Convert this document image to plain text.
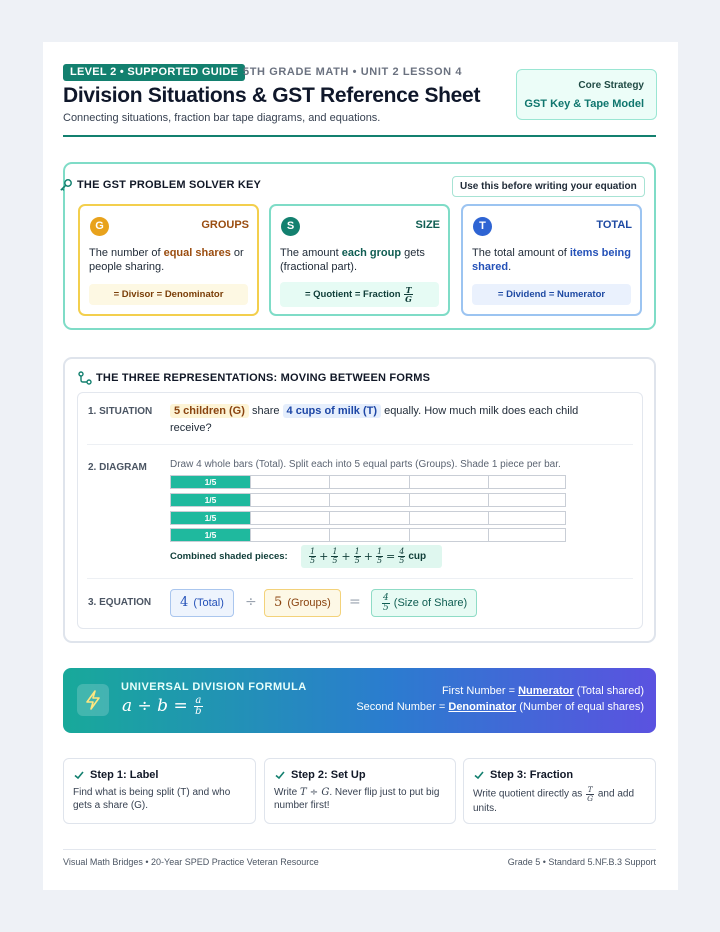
LEVEL 2 • SUPPORTED GUIDE 5TH GRADE MATH • UNIT 2 LESSON 4
Division Situations & GST Reference Sheet
Connecting situations, fraction bar tape diagrams, and equations.
Core Strategy
GST Key & Tape Model
THE GST PROBLEM SOLVER KEY	Use this before writing your equation
G	GROUPS
The number of equal shares or people sharing.
= Divisor = Denominator
S	SIZE
The amount each group gets (fractional part).
= Quotient = Fraction $\frac{T}{G}$
T	TOTAL
The total amount of items being shared.
= Dividend = Numerator
THE THREE REPRESENTATIONS: MOVING BETWEEN FORMS
1. SITUATION	5 children (G) share 4 cups of milk (T) equally. How much milk does each child receive?
2. DIAGRAM Draw 4 whole bars (Total). Split each into 5 equal parts (Groups). Shade 1 piece per bar.
1/5
1/5
1/5
1/5
Combined shaded pieces:	$\frac{1}{5} + \frac{1}{5} + \frac{1}{5} + \frac{1}{5} = \frac{4}{5}$ cup
3. EQUATION	4 (Total)	÷	5 (Groups)	= $\frac{4}{5}$ (Size of Share)
UNIVERSAL DIVISION FORMULA
$a \div b = \frac{a}{b}$
First Number = Numerator (Total shared)
Second Number = Denominator (Number of equal shares)
Step 1: Label
Find what is being split (T) and who gets a share (G).
Step 2: Set Up
Write T ÷ G. Never flip just to put big number first!
Step 3: Fraction
Write quotient directly as $\frac{T}{G}$ and add units.
Visual Math Bridges • 20-Year SPED Practice Veteran Resource	Grade 5 • Standard 5.NF.B.3 Support
